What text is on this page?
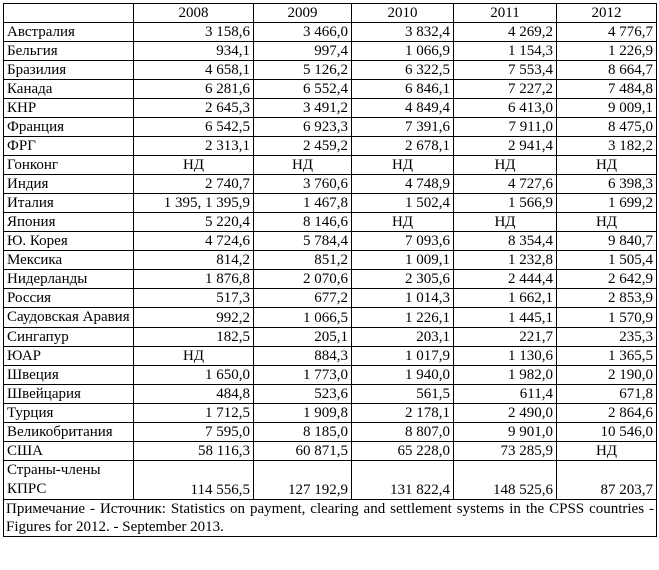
	2008	2009	2010	2011	2012
Австралия	3 158,6	3 466,0	3 832,4	4 269,2	4 776,7
Бельгия	934,1	997,4	1 066,9	1 154,3	1 226,9
Бразилия	4 658,1	5 126,2	6 322,5	7 553,4	8 664,7
Канада	6 281,6	6 552,4	6 846,1	7 227,2	7 484,8
КНР	2 645,3	3 491,2	4 849,4	6 413,0	9 009,1
Франция	6 542,5	6 923,3	7 391,6	7 911,0	8 475,0
ФРГ	2 313,1	2 459,2	2 678,1	2 941,4	3 182,2
Гонконг	НД	НД	НД	НД	НД
Индия	2 740,7	3 760,6	4 748,9	4 727,6	6 398,3
Италия	1 395, 1 395,9	1 467,8	1 502,4	1 566,9	1 699,2
Япония	5 220,4	8 146,6	НД	НД	НД
Ю. Корея	4 724,6	5 784,4	7 093,6	8 354,4	9 840,7
Мексика	814,2	851,2	1 009,1	1 232,8	1 505,4
Нидерланды	1 876,8	2 070,6	2 305,6	2 444,4	2 642,9
Россия	517,3	677,2	1 014,3	1 662,1	2 853,9
Саудовская Аравия	992,2	1 066,5	1 226,1	1 445,1	1 570,9
Сингапур	182,5	205,1	203,1	221,7	235,3
ЮАР	НД	884,3	1 017,9	1 130,6	1 365,5
Швеция	1 650,0	1 773,0	1 940,0	1 982,0	2 190,0
Швейцария	484,8	523,6	561,5	611,4	671,8
Турция	1 712,5	1 909,8	2 178,1	2 490,0	2 864,6
Великобритания	7 595,0	8 185,0	8 807,0	9 901,0	10 546,0
США	58 116,3	60 871,5	65 228,0	73 285,9	НД
Страны-члены КПРС	114 556,5	127 192,9	131 822,4	148 525,6	87 203,7
Примечание - Источник: Statistics on payment, clearing and settlement systems in the CPSS countries - Figures for 2012. - September 2013.					
